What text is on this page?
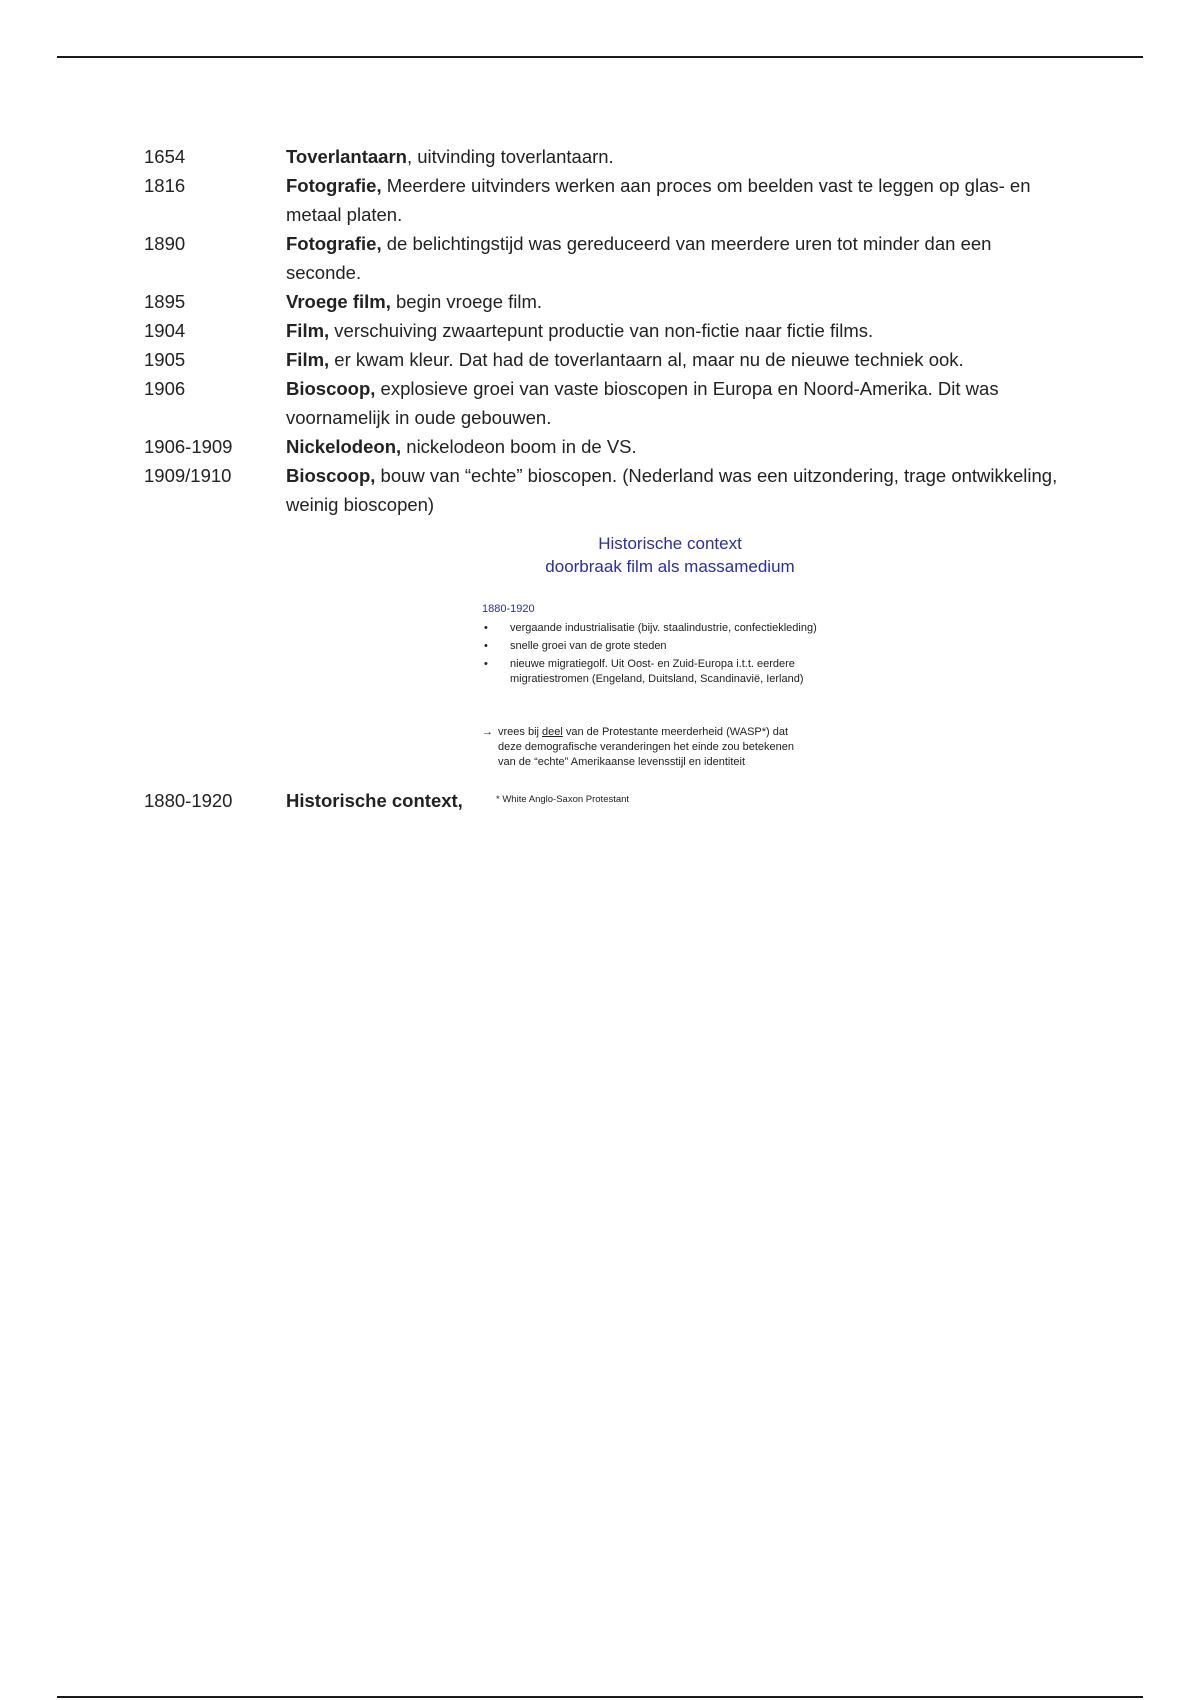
1654	Toverlantaarn, uitvinding toverlantaarn.
1816	Fotografie, Meerdere uitvinders werken aan proces om beelden vast te leggen op glas- en metaal platen.
1890	Fotografie, de belichtingstijd was gereduceerd van meerdere uren tot minder dan een seconde.
1895	Vroege film, begin vroege film.
1904	Film, verschuiving zwaartepunt productie van non-fictie naar fictie films.
1905	Film, er kwam kleur. Dat had de toverlantaarn al, maar nu de nieuwe techniek ook.
1906	Bioscoop, explosieve groei van vaste bioscopen in Europa en Noord-Amerika. Dit was voornamelijk in oude gebouwen.
1906-1909	Nickelodeon, nickelodeon boom in de VS.
1909/1910	Bioscoop, bouw van “echte” bioscopen. (Nederland was een uitzondering, trage ontwikkeling, weinig bioscopen)
Historische context
doorbraak film als massamedium
1880-1920
• vergaande industrialisatie (bijv. staalindustrie, confectiekleding)
• snelle groei van de grote steden
• nieuwe migratiegolf. Uit Oost- en Zuid-Europa i.t.t. eerdere migratiestromen (Engeland, Duitsland, Scandinavië, Ierland)
→ vrees bij deel van de Protestante meerderheid (WASP*) dat
deze demografische veranderingen het einde zou betekenen
van de “echte” Amerikaanse levensstijl en identiteit
* White Anglo-Saxon Protestant
1880-1920	Historische context,
